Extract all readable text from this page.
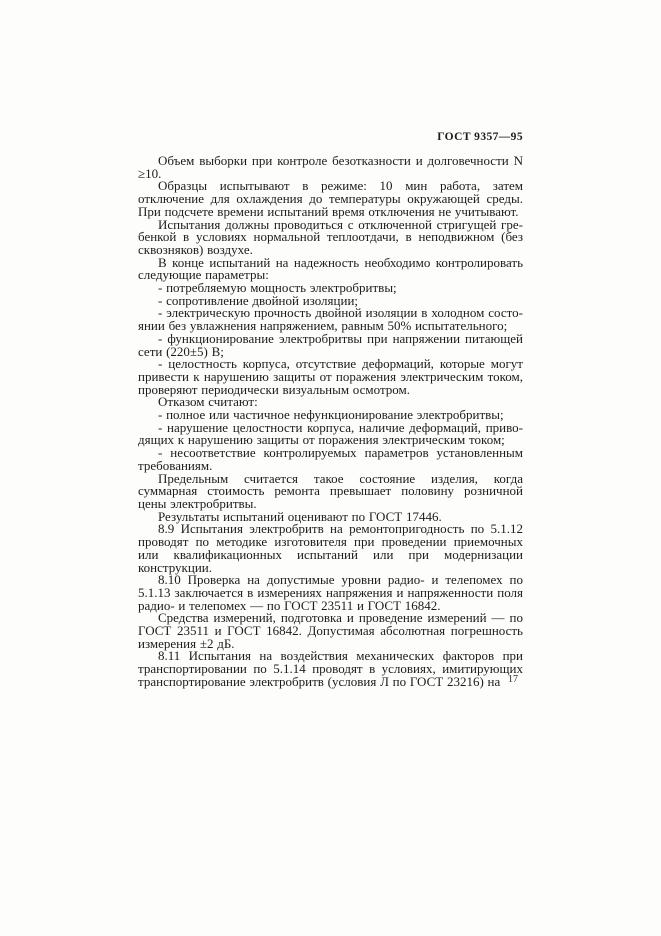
ГОСТ 9357—95

Объем выборки при контроле безотказности и долговечности N ≥10.

Образцы испытывают в режиме: 10 мин работа, затем отключение для охлаждения до температуры окружающей среды. При подсчете времени испытаний время отключения не учитывают.

Испытания должны проводиться с отключенной стригущей гребенкой в условиях нормальной теплоотдачи, в неподвижном (без сквозняков) воздухе.

В конце испытаний на надежность необходимо контролировать следующие параметры:

- потребляемую мощность электробритвы;

- сопротивление двойной изоляции;

- электрическую прочность двойной изоляции в холодном состоянии без увлажнения напряжением, равным 50% испытательного;

- функционирование электробритвы при напряжении питающей сети (220±5) В;

- целостность корпуса, отсутствие деформаций, которые могут привести к нарушению защиты от поражения электрическим током, проверяют периодически визуальным осмотром.

Отказом считают:

- полное или частичное нефункционирование электробритвы;

- нарушение целостности корпуса, наличие деформаций, приводящих к нарушению защиты от поражения электрическим током;

- несоответствие контролируемых параметров установленным требованиям.

Предельным считается такое состояние изделия, когда суммарная стоимость ремонта превышает половину розничной цены электробритвы.

Результаты испытаний оценивают по ГОСТ 17446.

8.9 Испытания электробритв на ремонтопригодность по 5.1.12 проводят по методике изготовителя при проведении приемочных или квалификационных испытаний или при модернизации конструкции.

8.10 Проверка на допустимые уровни радио- и телепомех по 5.1.13 заключается в измерениях напряжения и напряженности поля радио- и телепомех — по ГОСТ 23511 и ГОСТ 16842.

Средства измерений, подготовка и проведение измерений — по ГОСТ 23511 и ГОСТ 16842. Допустимая абсолютная погрешность измерения ±2 дБ.

8.11 Испытания на воздействия механических факторов при транспортировании по 5.1.14 проводят в условиях, имитирующих транспортирование электробритв (условия Л по ГОСТ 23216) на 17
